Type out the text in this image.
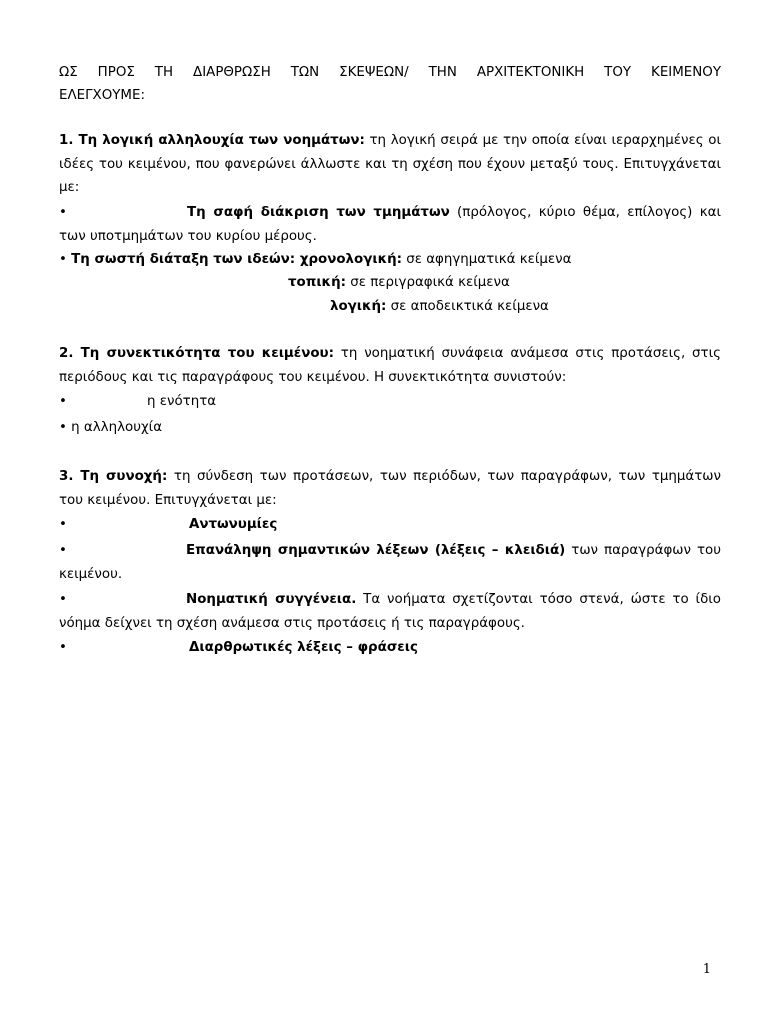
ΩΣ ΠΡΟΣ ΤΗ ΔΙΑΡΘΡΩΣΗ ΤΩΝ ΣΚΕΨΕΩΝ/ ΤΗΝ ΑΡΧΙΤΕΚΤΟΝΙΚΗ ΤΟΥ ΚΕΙΜΕΝΟΥ

ΕΛΕΓΧΟΥΜΕ:

1. Τη λογική αλληλουχία των νοημάτων: τη λογική σειρά με την οποία είναι ιεραρχημένες οι ιδέες του κειμένου, που φανερώνει άλλωστε και τη σχέση που έχουν μεταξύ τους. Επιτυγχάνεται με:

•	Τη σαφή διάκριση των τμημάτων (πρόλογος, κύριο θέμα, επίλογος) και των υποτμημάτων του κυρίου μέρους.

• Τη σωστή διάταξη των ιδεών: χρονολογική: σε αφηγηματικά κείμενα

τοπική: σε περιγραφικά κείμενα

λογική: σε αποδεικτικά κείμενα

2. Τη συνεκτικότητα του κειμένου: τη νοηματική συνάφεια ανάμεσα στις προτάσεις, στις περιόδους και τις παραγράφους του κειμένου. Η συνεκτικότητα συνιστούν:

•	η ενότητα

• η αλληλουχία

3. Τη συνοχή: τη σύνδεση των προτάσεων, των περιόδων, των παραγράφων, των τμημάτων του κειμένου. Επιτυγχάνεται με:

•	Αντωνυμίες

•	Επανάληψη σημαντικών λέξεων (λέξεις – κλειδιά) των παραγράφων του κειμένου.

•	Νοηματική συγγένεια. Τα νοήματα σχετίζονται τόσο στενά, ώστε το ίδιο νόημα δείχνει τη σχέση ανάμεσα στις προτάσεις ή τις παραγράφους.

•	Διαρθρωτικές λέξεις – φράσεις

1
